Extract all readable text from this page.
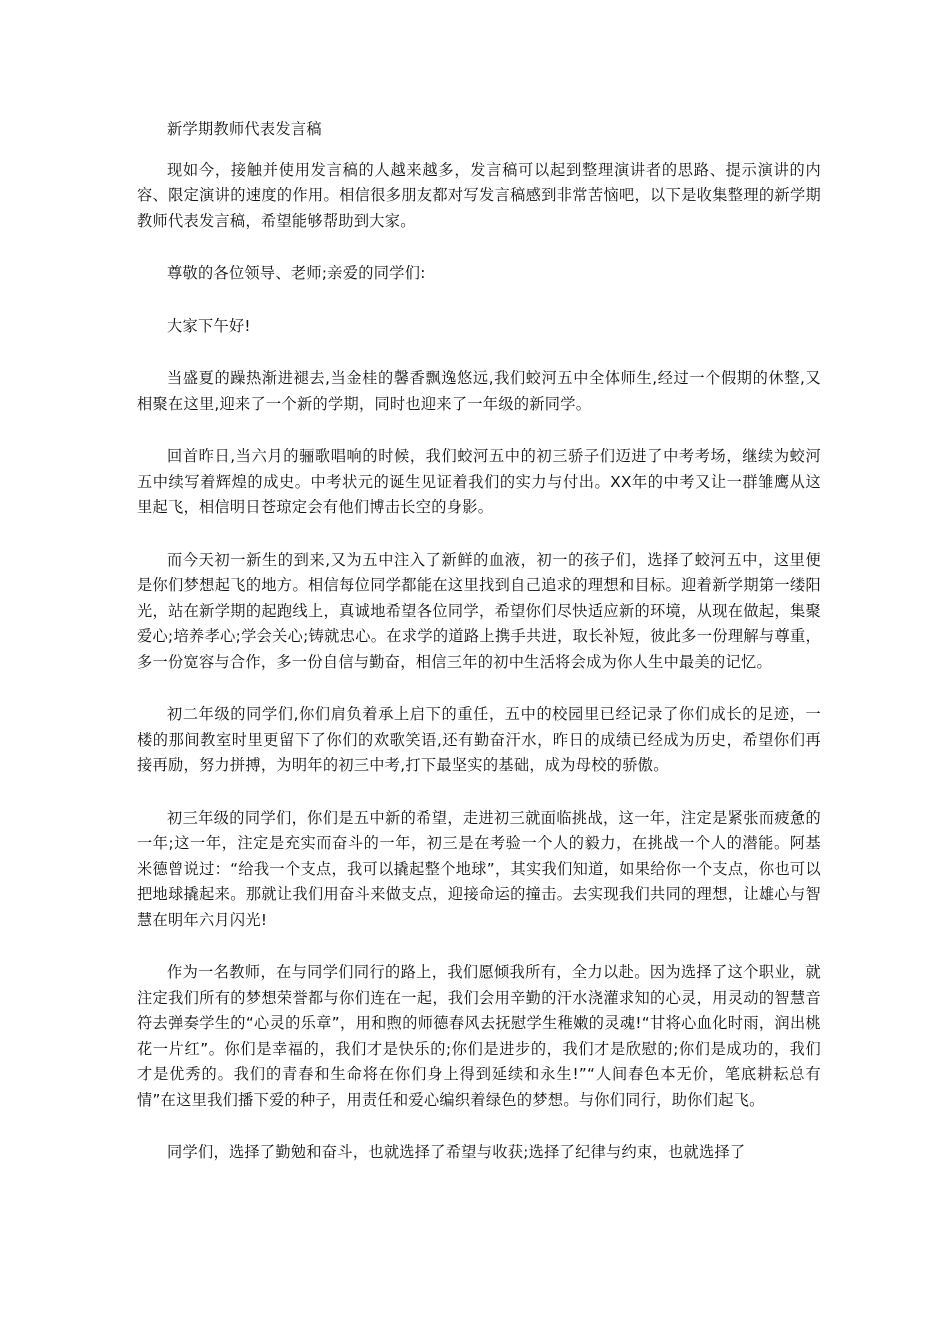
新学期教师代表发言稿

现如今，接触并使用发言稿的人越来越多，发言稿可以起到整理演讲者的思路、提示演讲的内容、限定演讲的速度的作用。相信很多朋友都对写发言稿感到非常苦恼吧，以下是收集整理的新学期教师代表发言稿，希望能够帮助到大家。

尊敬的各位领导、老师;亲爱的同学们:

大家下午好!

当盛夏的躁热渐进褪去,当金桂的馨香飘逸悠远,我们蛟河五中全体师生,经过一个假期的休整,又相聚在这里,迎来了一个新的学期，同时也迎来了一年级的新同学。

回首昨日,当六月的骊歌唱响的时候，我们蛟河五中的初三骄子们迈进了中考考场，继续为蛟河五中续写着辉煌的成史。中考状元的诞生见证着我们的实力与付出。XX年的中考又让一群雏鹰从这里起飞，相信明日苍琼定会有他们博击长空的身影。

而今天初一新生的到来,又为五中注入了新鲜的血液，初一的孩子们，选择了蛟河五中，这里便是你们梦想起飞的地方。相信每位同学都能在这里找到自己追求的理想和目标。迎着新学期第一缕阳光，站在新学期的起跑线上，真诚地希望各位同学，希望你们尽快适应新的环境，从现在做起，集聚爱心;培养孝心;学会关心;铸就忠心。在求学的道路上携手共进，取长补短，彼此多一份理解与尊重，多一份宽容与合作，多一份自信与勤奋，相信三年的初中生活将会成为你人生中最美的记忆。

初二年级的同学们,你们肩负着承上启下的重任，五中的校园里已经记录了你们成长的足迹，一楼的那间教室时里更留下了你们的欢歌笑语,还有勤奋汗水，昨日的成绩已经成为历史，希望你们再接再励，努力拼搏，为明年的初三中考,打下最坚实的基础，成为母校的骄傲。

初三年级的同学们，你们是五中新的希望，走进初三就面临挑战，这一年，注定是紧张而疲惫的一年;这一年，注定是充实而奋斗的一年，初三是在考验一个人的毅力，在挑战一个人的潜能。阿基米德曾说过：“给我一个支点，我可以撬起整个地球”，其实我们知道，如果给你一个支点，你也可以把地球撬起来。那就让我们用奋斗来做支点，迎接命运的撞击。去实现我们共同的理想，让雄心与智慧在明年六月闪光!

作为一名教师，在与同学们同行的路上，我们愿倾我所有，全力以赴。因为选择了这个职业，就注定我们所有的梦想荣誉都与你们连在一起，我们会用辛勤的汗水浇灌求知的心灵，用灵动的智慧音符去弹奏学生的“心灵的乐章”，用和煦的师德春风去抚慰学生稚嫩的灵魂!“甘将心血化时雨，润出桃花一片红”。你们是幸福的，我们才是快乐的;你们是进步的，我们才是欣慰的;你们是成功的，我们才是优秀的。我们的青春和生命将在你们身上得到延续和永生!”“人间春色本无价，笔底耕耘总有情”在这里我们播下爱的种子，用责任和爱心编织着绿色的梦想。与你们同行，助你们起飞。

同学们，选择了勤勉和奋斗，也就选择了希望与收获;选择了纪律与约束，也就选择了
